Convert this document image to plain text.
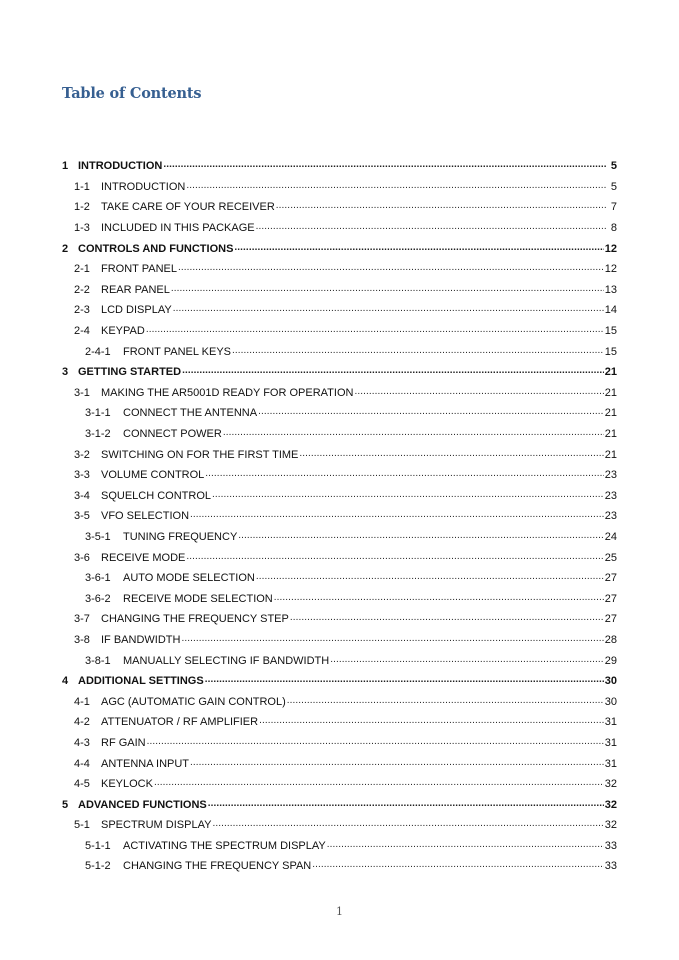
Table of Contents
1 INTRODUCTION .....	5
1-1	INTRODUCTION .....	5
1-2	TAKE CARE OF YOUR RECEIVER .....	7
1-3	INCLUDED IN THIS PACKAGE .....	8
2 CONTROLS AND FUNCTIONS .....	12
2-1	FRONT PANEL .....	12
2-2	REAR PANEL .....	13
2-3	LCD DISPLAY .....	14
2-4	KEYPAD .....	15
2-4-1	FRONT PANEL KEYS .....	15
3 GETTING STARTED .....	21
3-1	MAKING THE AR5001D READY FOR OPERATION .....	21
3-1-1	CONNECT THE ANTENNA .....	21
3-1-2	CONNECT POWER .....	21
3-2	SWITCHING ON FOR THE FIRST TIME .....	21
3-3	VOLUME CONTROL .....	23
3-4	SQUELCH CONTROL .....	23
3-5	VFO SELECTION .....	23
3-5-1	TUNING FREQUENCY .....	24
3-6	RECEIVE MODE .....	25
3-6-1	AUTO MODE SELECTION .....	27
3-6-2	RECEIVE MODE SELECTION .....	27
3-7	CHANGING THE FREQUENCY STEP .....	27
3-8	IF BANDWIDTH .....	28
3-8-1	MANUALLY SELECTING IF BANDWIDTH .....	29
4 ADDITIONAL SETTINGS .....	30
4-1	AGC (AUTOMATIC GAIN CONTROL) .....	30
4-2	ATTENUATOR / RF AMPLIFIER .....	31
4-3	RF GAIN .....	31
4-4	ANTENNA INPUT .....	31
4-5	KEYLOCK .....	32
5 ADVANCED FUNCTIONS .....	32
5-1	SPECTRUM DISPLAY .....	32
5-1-1	ACTIVATING THE SPECTRUM DISPLAY .....	33
5-1-2	CHANGING THE FREQUENCY SPAN .....	33
1
